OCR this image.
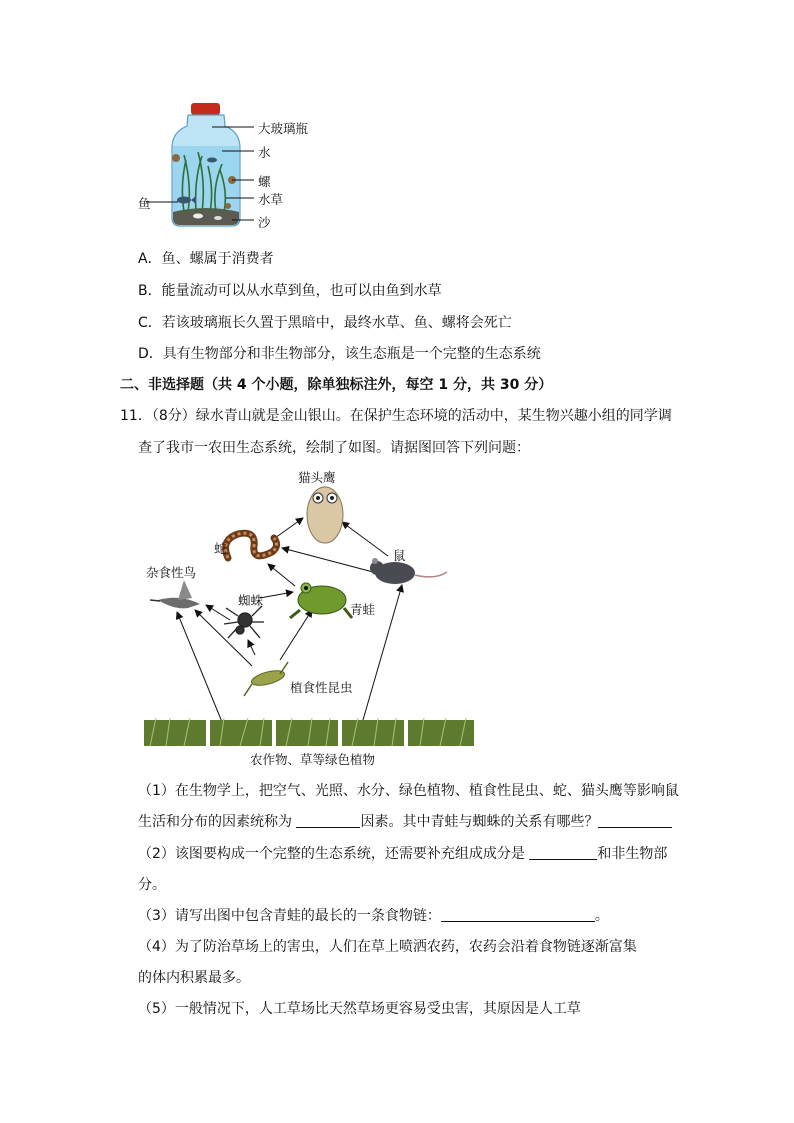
大玻璃瓶
水
螺
水草
鱼
沙
A．鱼、螺属于消费者
B．能量流动可以从水草到鱼，也可以由鱼到水草
C．若该玻璃瓶长久置于黑暗中，最终水草、鱼、螺将会死亡
D．具有生物部分和非生物部分，该生态瓶是一个完整的生态系统
二、非选择题（共 4 个小题，除单独标注外，每空 1 分，共 30 分）
11．（8分）绿水青山就是金山银山。在保护生态环境的活动中，某生物兴趣小组的同学调
查了我市一农田生态系统，绘制了如图。请据图回答下列问题：
猫头鹰
蛇
杂食性鸟
鼠
蜘蛛
青蛙
植食性昆虫
农作物、草等绿色植物
（1）在生物学上，把空气、光照、水分、绿色植物、植食性昆虫、蛇、猫头鹰等影响鼠
生活和分布的因素统称为	因素。其中青蛙与蜘蛛的关系有哪些？
（2）该图要构成一个完整的生态系统，还需要补充组成成分是	和非生物部
分。
（3）请写出图中包含青蛙的最长的一条食物链：	。
（4）为了防治草场上的害虫，人们在草上喷洒农药，农药会沿着食物链逐渐富集
的体内积累最多。
（5）一般情况下，人工草场比天然草场更容易受虫害，其原因是人工草
